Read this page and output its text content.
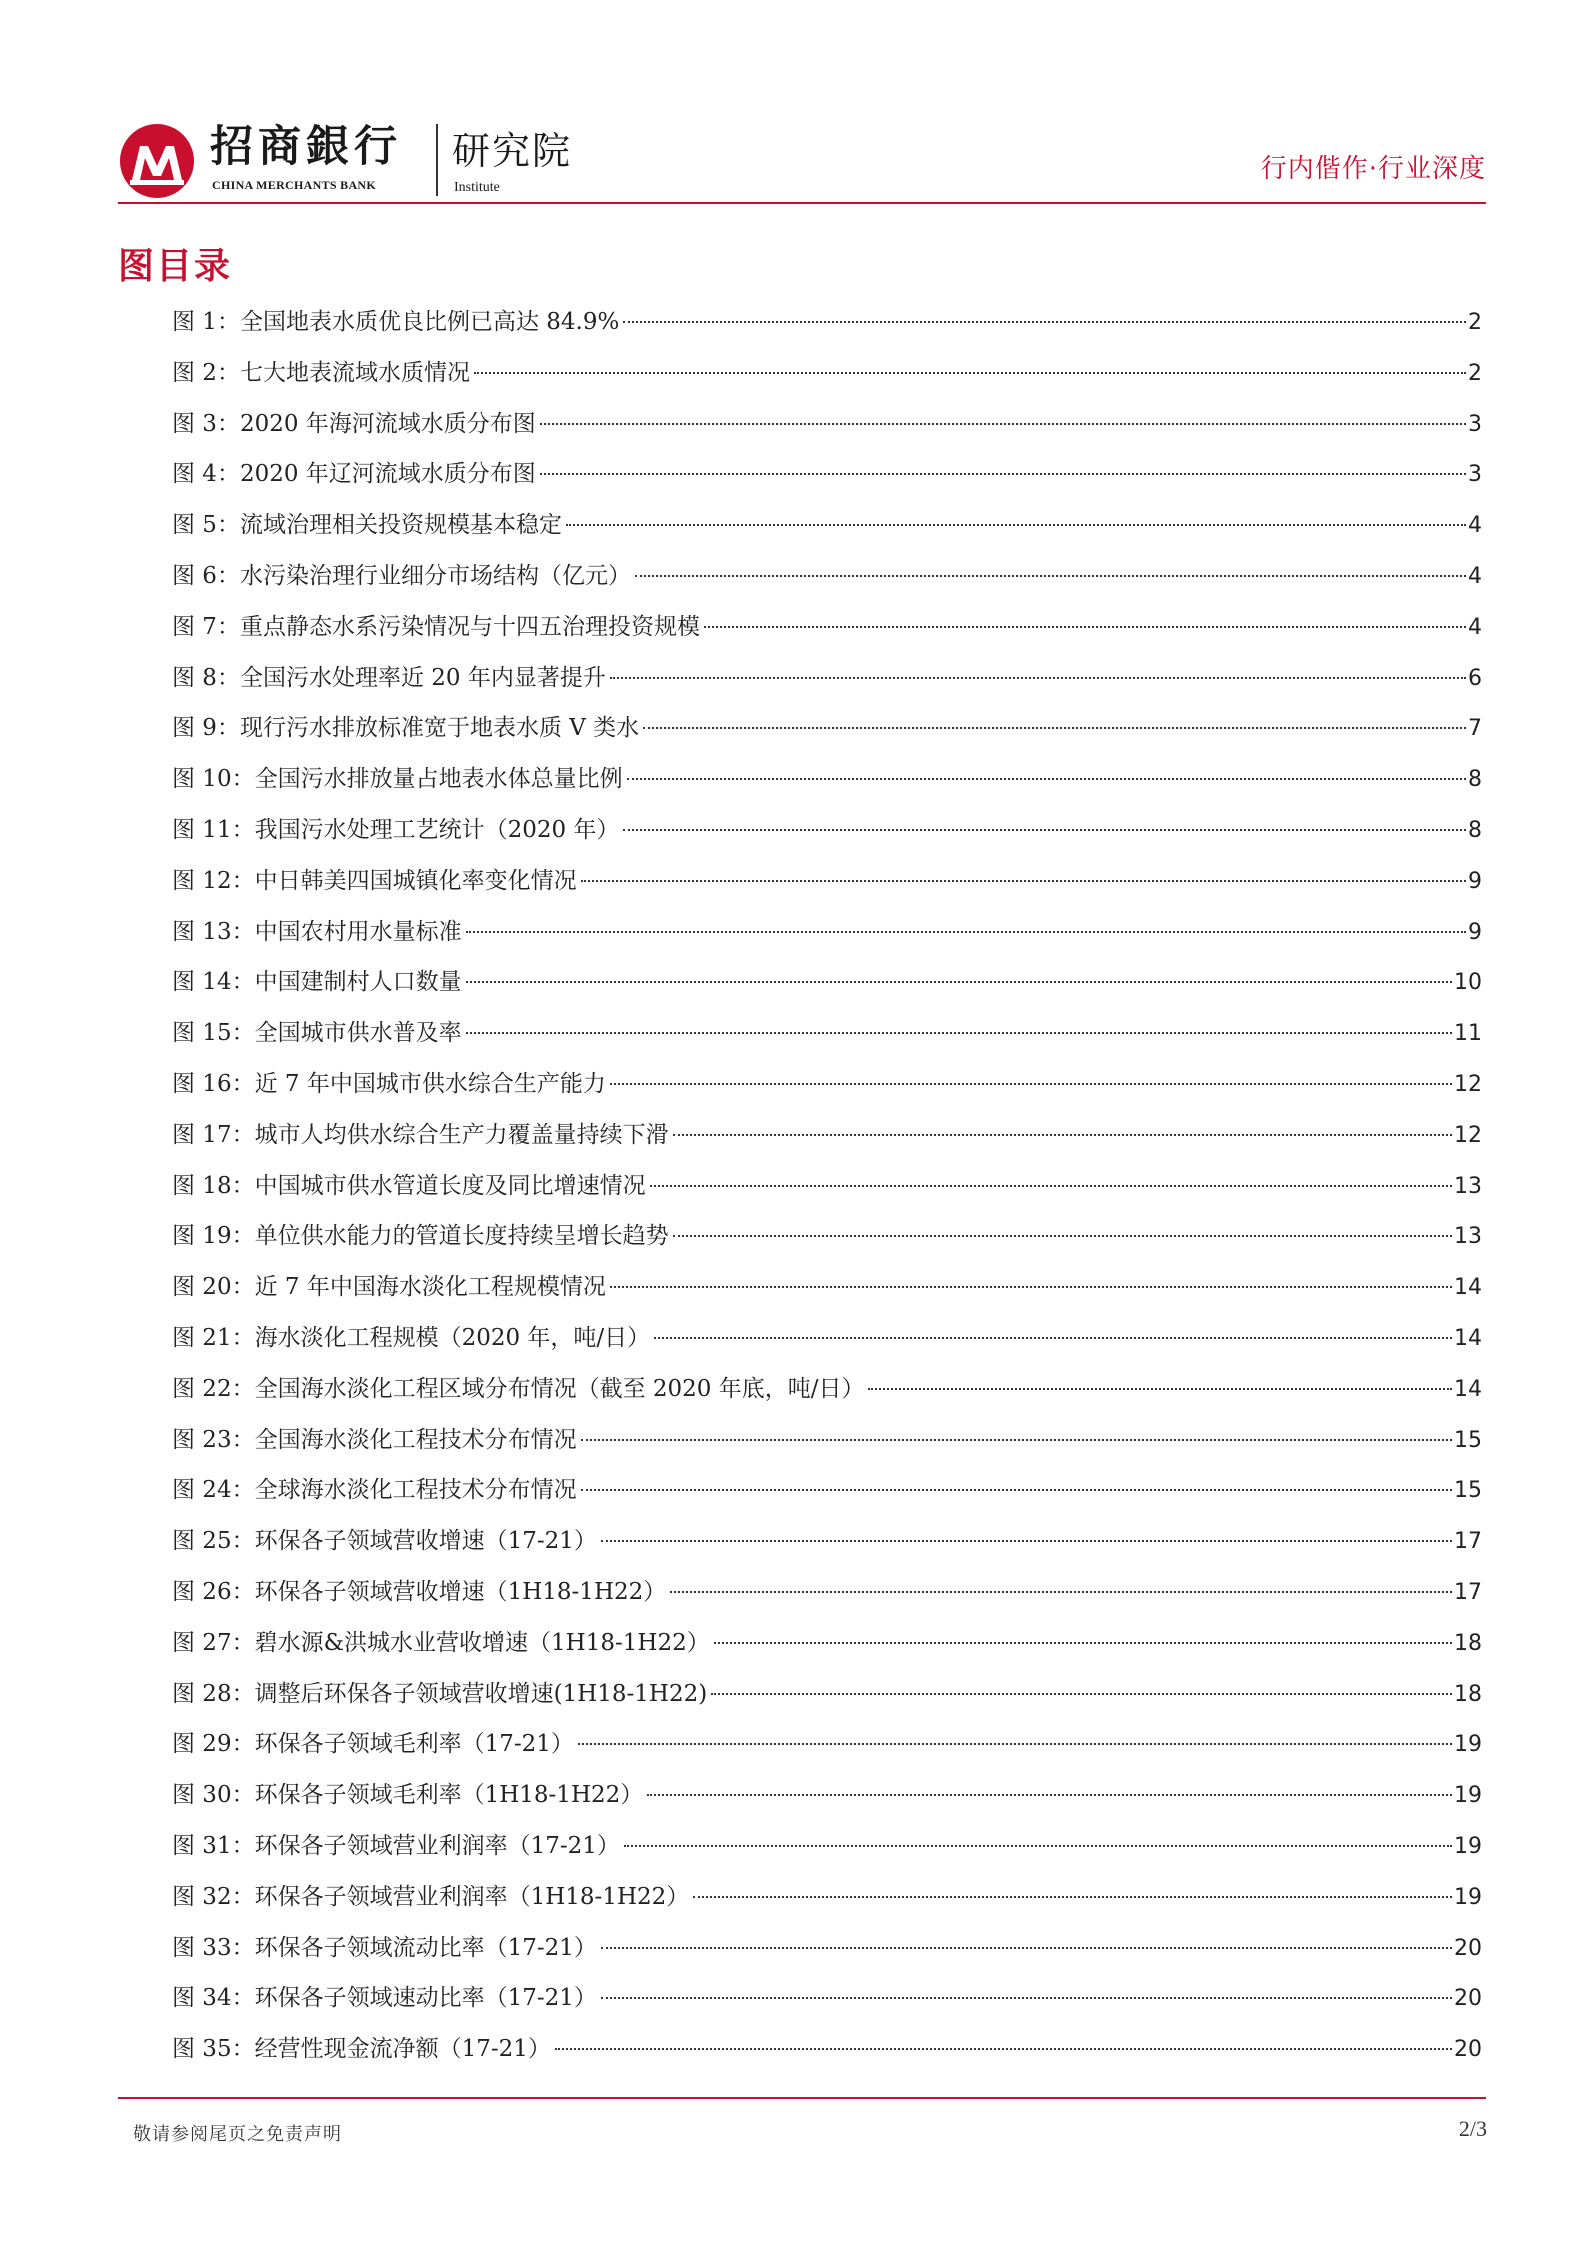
招商銀行
CHINA MERCHANTS BANK
研究院
Institute
行内偕作·行业深度
图目录
图 1：全国地表水质优良比例已高达 84.9%	2
图 2：七大地表流域水质情况	2
图 3：2020 年海河流域水质分布图	3
图 4：2020 年辽河流域水质分布图	3
图 5：流域治理相关投资规模基本稳定	4
图 6：水污染治理行业细分市场结构（亿元）	4
图 7：重点静态水系污染情况与十四五治理投资规模	4
图 8：全国污水处理率近 20 年内显著提升	6
图 9：现行污水排放标准宽于地表水质 V 类水	7
图 10：全国污水排放量占地表水体总量比例	8
图 11：我国污水处理工艺统计（2020 年）	8
图 12：中日韩美四国城镇化率变化情况	9
图 13：中国农村用水量标准	9
图 14：中国建制村人口数量	10
图 15：全国城市供水普及率	11
图 16：近 7 年中国城市供水综合生产能力	12
图 17：城市人均供水综合生产力覆盖量持续下滑	12
图 18：中国城市供水管道长度及同比增速情况	13
图 19：单位供水能力的管道长度持续呈增长趋势	13
图 20：近 7 年中国海水淡化工程规模情况	14
图 21：海水淡化工程规模（2020 年，吨/日）	14
图 22：全国海水淡化工程区域分布情况（截至 2020 年底，吨/日）	14
图 23：全国海水淡化工程技术分布情况	15
图 24：全球海水淡化工程技术分布情况	15
图 25：环保各子领域营收增速（17-21）	17
图 26：环保各子领域营收增速（1H18-1H22）	17
图 27：碧水源&洪城水业营收增速（1H18-1H22）	18
图 28：调整后环保各子领域营收增速(1H18-1H22)	18
图 29：环保各子领域毛利率（17-21）	19
图 30：环保各子领域毛利率（1H18-1H22）	19
图 31：环保各子领域营业利润率（17-21）	19
图 32：环保各子领域营业利润率（1H18-1H22）	19
图 33：环保各子领域流动比率（17-21）	20
图 34：环保各子领域速动比率（17-21）	20
图 35：经营性现金流净额（17-21）	20
敬请参阅尾页之免责声明	2/3
